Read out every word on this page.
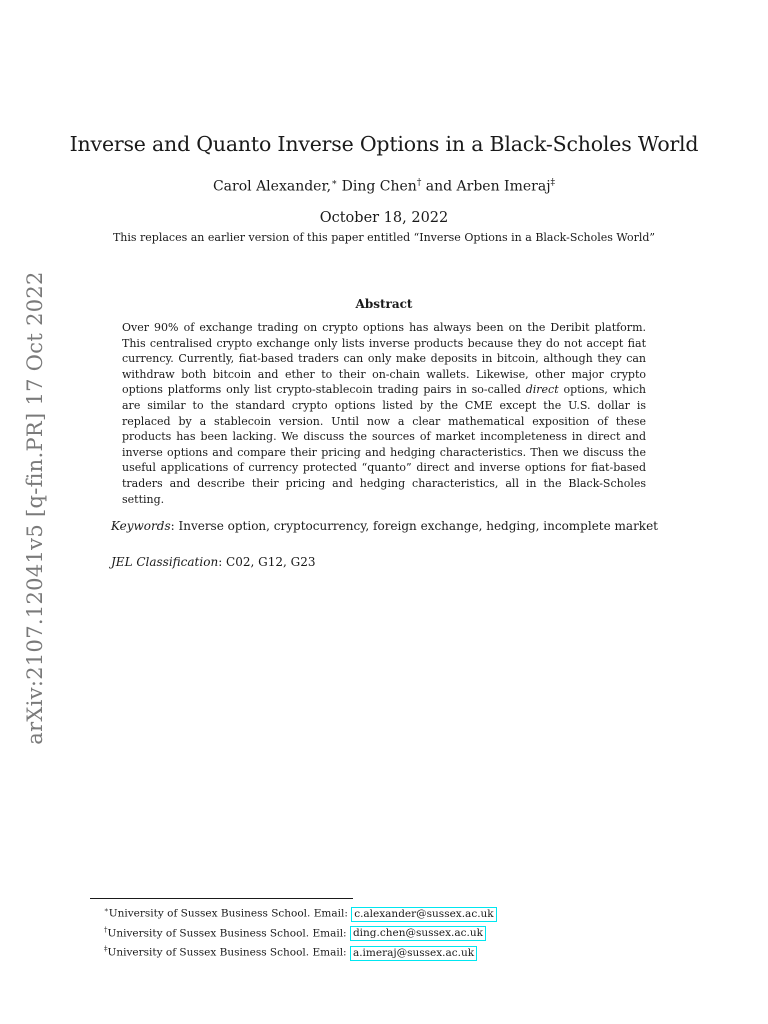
arXiv:2107.12041v5 [q-fin.PR] 17 Oct 2022
Inverse and Quanto Inverse Options in a Black-Scholes World
Carol Alexander,∗ Ding Chen† and Arben Imeraj‡
October 18, 2022
This replaces an earlier version of this paper entitled “Inverse Options in a Black-Scholes World”
Abstract
Over 90% of exchange trading on crypto options has always been on the Deribit platform. This centralised crypto exchange only lists inverse products because they do not accept fiat currency. Currently, fiat-based traders can only make deposits in bitcoin, although they can withdraw both bitcoin and ether to their on-chain wallets. Likewise, other major crypto options platforms only list crypto-stablecoin trading pairs in so-called direct options, which are similar to the standard crypto options listed by the CME except the U.S. dollar is replaced by a stablecoin version. Until now a clear mathematical exposition of these products has been lacking. We discuss the sources of market incompleteness in direct and inverse options and compare their pricing and hedging characteristics. Then we discuss the useful applications of currency protected “quanto” direct and inverse options for fiat-based traders and describe their pricing and hedging characteristics, all in the Black-Scholes setting.
Keywords: Inverse option, cryptocurrency, foreign exchange, hedging, incomplete market
JEL Classification: C02, G12, G23
∗University of Sussex Business School. Email: c.alexander@sussex.ac.uk
†University of Sussex Business School. Email: ding.chen@sussex.ac.uk
‡University of Sussex Business School. Email: a.imeraj@sussex.ac.uk
